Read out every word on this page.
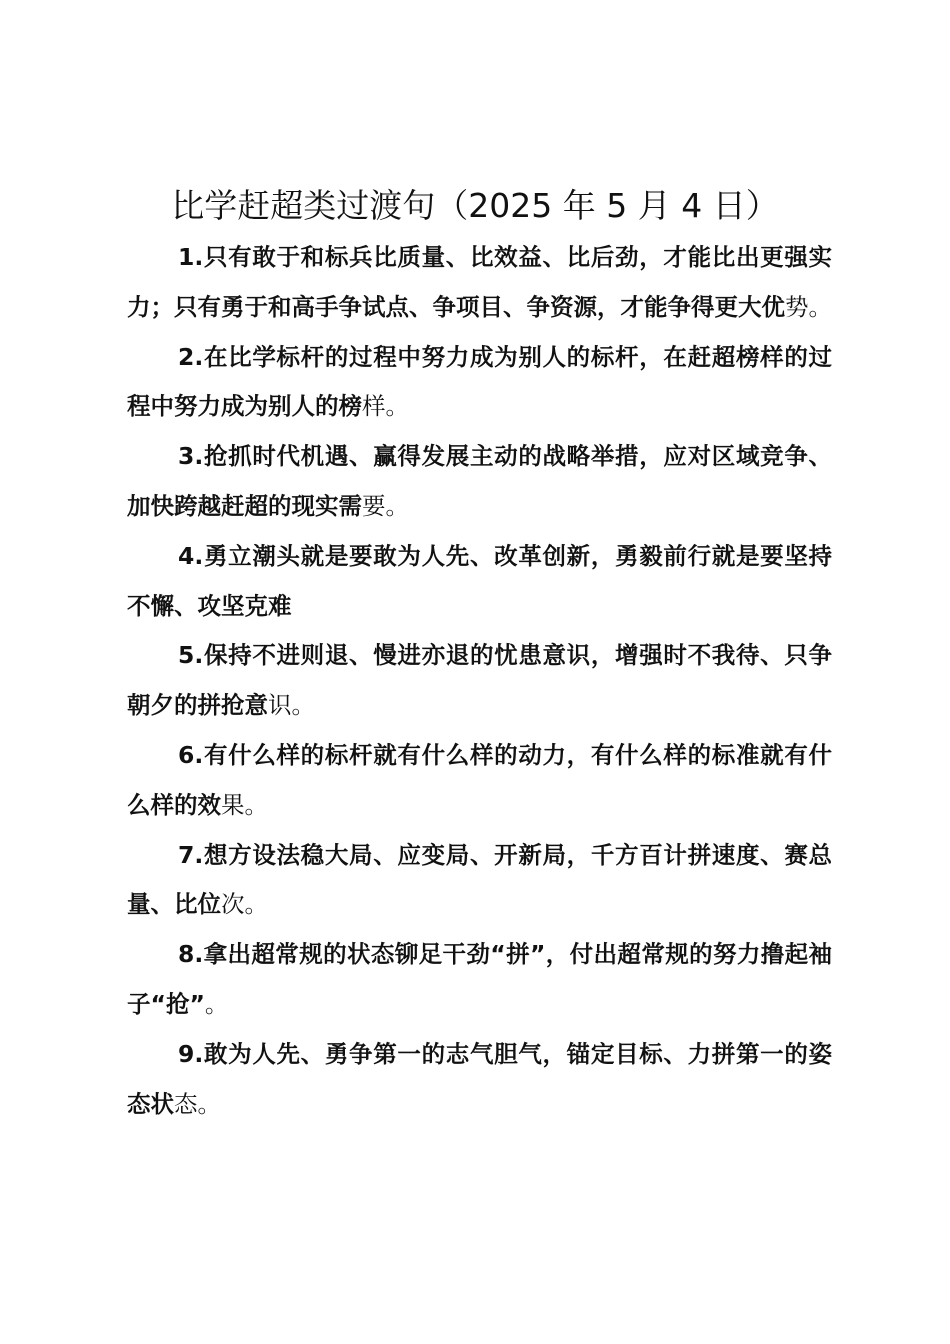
比学赶超类过渡句（2025 年 5 月 4 日）

1.只有敢于和标兵比质量、比效益、比后劲，才能比出更强实力；只有勇于和高手争试点、争项目、争资源，才能争得更大优势。

2.在比学标杆的过程中努力成为别人的标杆，在赶超榜样的过程中努力成为别人的榜样。

3.抢抓时代机遇、赢得发展主动的战略举措，应对区域竞争、加快跨越赶超的现实需要。

4.勇立潮头就是要敢为人先、改革创新，勇毅前行就是要坚持不懈、攻坚克难

5.保持不进则退、慢进亦退的忧患意识，增强时不我待、只争朝夕的拼抢意识。

6.有什么样的标杆就有什么样的动力，有什么样的标准就有什么样的效果。

7.想方设法稳大局、应变局、开新局，千方百计拼速度、赛总量、比位次。

8.拿出超常规的状态铆足干劲“拼”，付出超常规的努力撸起袖子“抢”。

9.敢为人先、勇争第一的志气胆气，锚定目标、力拼第一的姿态状态。
